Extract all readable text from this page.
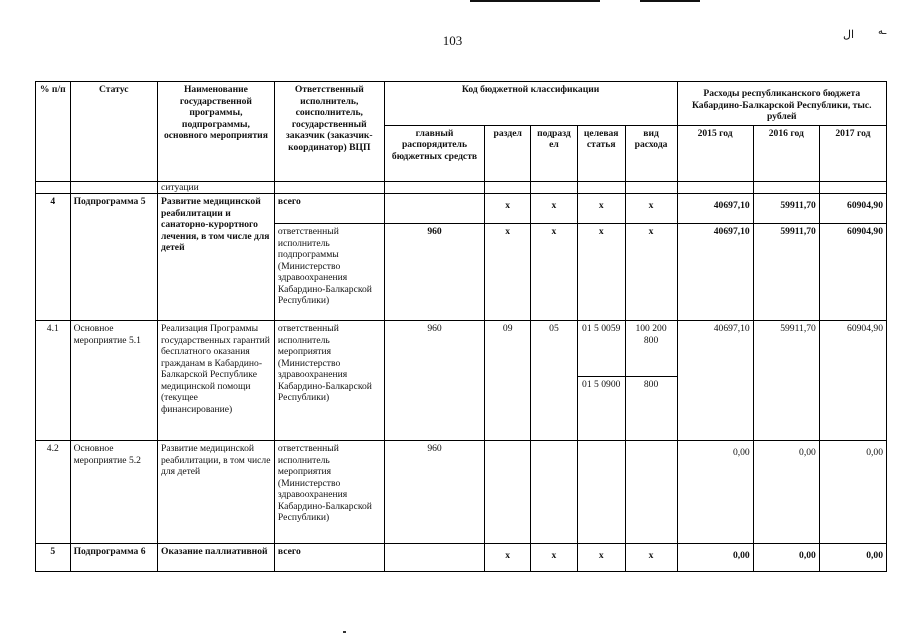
103	ال ـه
% п/п	Статус	Наименование государственной программы, подпрограммы, основного мероприятия	Ответственный исполнитель, соисполнитель, государственный заказчик (заказчик-координатор) ВЦП	Код бюджетной классификации					Расходы республиканского бюджета Кабардино-Балкарской Республики, тыс. рублей		
				главный распорядитель бюджетных средств	раздел	подразд ел	целевая статья	вид расхода	2015 год	2016 год	2017 год
		ситуации									
4	Подпрограмма 5	Развитие медицинской реабилитации и санаторно-курортного лечения, в том числе для детей	всего		x	x	x	x	40697,10	59911,70	60904,90
			ответственный исполнитель подпрограммы (Министерство здравоохранения Кабардино-Балкарской Республики)	960	x	x	x	x	40697,10	59911,70	60904,90
4.1	Основное мероприятие 5.1	Реализация Программы государственных гарантий бесплатного оказания гражданам в Кабардино-Балкарской Республике медицинской помощи (текущее финансирование)	ответственный исполнитель мероприятия (Министерство здравоохранения Кабардино-Балкарской Республики)	960	09	05	01 5 0059	100 200 800	40697,10	59911,70	60904,90
							01 5 0900	800			
4.2	Основное мероприятие 5.2	Развитие медицинской реабилитации, в том числе для детей	ответственный исполнитель мероприятия (Министерство здравоохранения Кабардино-Балкарской Республики)	960					0,00	0,00	0,00
5	Подпрограмма 6	Оказание паллиативной	всего		x	x	x	x	0,00	0,00	0,00
